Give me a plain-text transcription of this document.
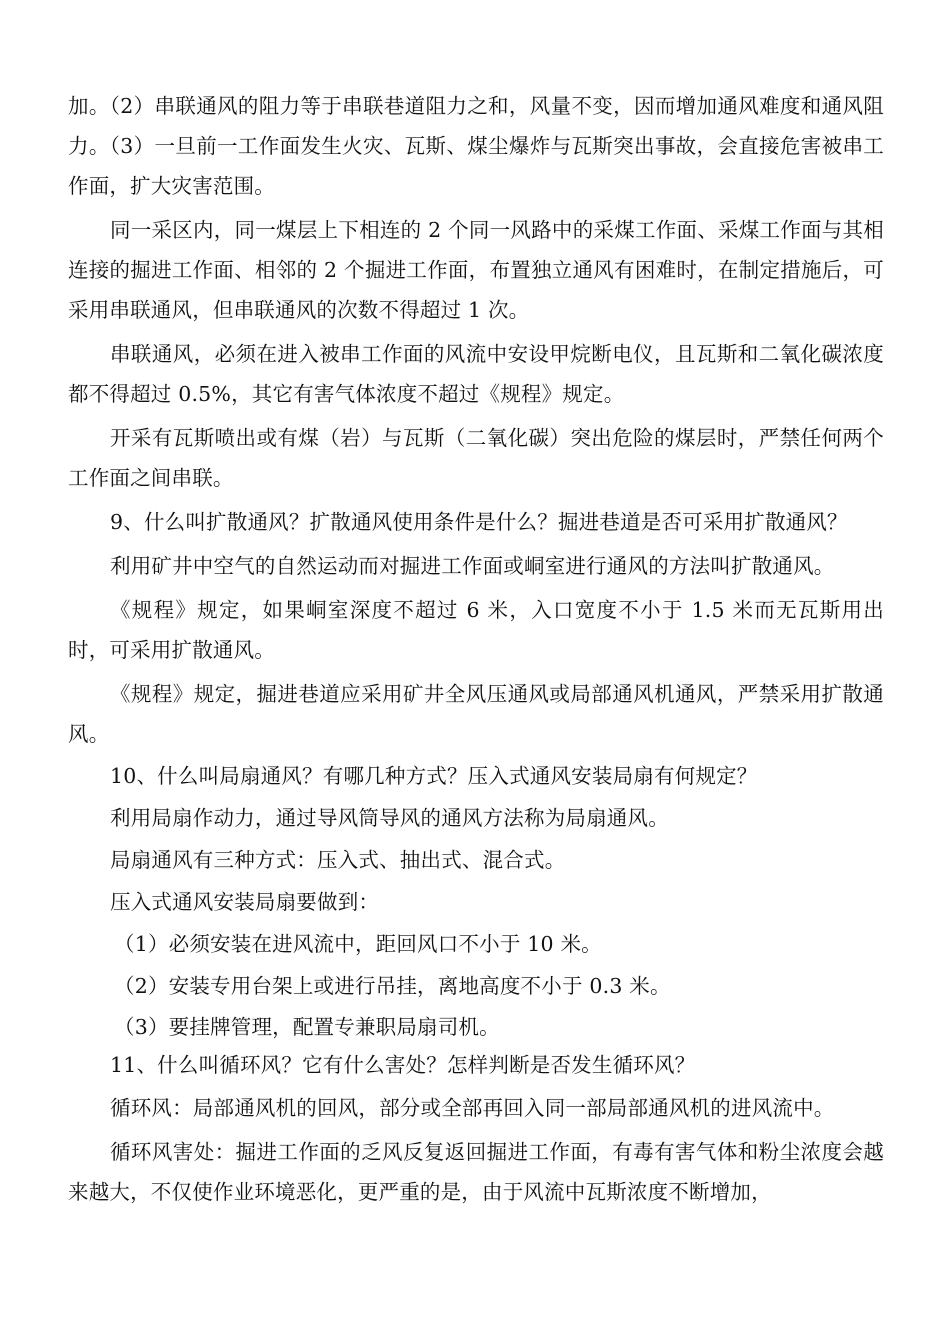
加。（2）串联通风的阻力等于串联巷道阻力之和，风量不变，因而增加通风难度和通风阻力。（3）一旦前一工作面发生火灾、瓦斯、煤尘爆炸与瓦斯突出事故，会直接危害被串工作面，扩大灾害范围。

同一采区内，同一煤层上下相连的 2 个同一风路中的采煤工作面、采煤工作面与其相连接的掘进工作面、相邻的 2 个掘进工作面，布置独立通风有困难时，在制定措施后，可采用串联通风，但串联通风的次数不得超过 1 次。

串联通风，必须在进入被串工作面的风流中安设甲烷断电仪，且瓦斯和二氧化碳浓度都不得超过 0.5%，其它有害气体浓度不超过《规程》规定。

开采有瓦斯喷出或有煤（岩）与瓦斯（二氧化碳）突出危险的煤层时，严禁任何两个工作面之间串联。

9、什么叫扩散通风？扩散通风使用条件是什么？掘进巷道是否可采用扩散通风？

利用矿井中空气的自然运动而对掘进工作面或峒室进行通风的方法叫扩散通风。

《规程》规定，如果峒室深度不超过 6 米，入口宽度不小于 1.5 米而无瓦斯用出时，可采用扩散通风。

《规程》规定，掘进巷道应采用矿井全风压通风或局部通风机通风，严禁采用扩散通风。

10、什么叫局扇通风？有哪几种方式？压入式通风安装局扇有何规定？

利用局扇作动力，通过导风筒导风的通风方法称为局扇通风。

局扇通风有三种方式：压入式、抽出式、混合式。

压入式通风安装局扇要做到：

（1）必须安装在进风流中，距回风口不小于 10 米。

（2）安装专用台架上或进行吊挂，离地高度不小于 0.3 米。

（3）要挂牌管理，配置专兼职局扇司机。

11、什么叫循环风？它有什么害处？怎样判断是否发生循环风？

循环风：局部通风机的回风，部分或全部再回入同一部局部通风机的进风流中。

循环风害处：掘进工作面的乏风反复返回掘进工作面，有毒有害气体和粉尘浓度会越来越大，不仅使作业环境恶化，更严重的是，由于风流中瓦斯浓度不断增加，
